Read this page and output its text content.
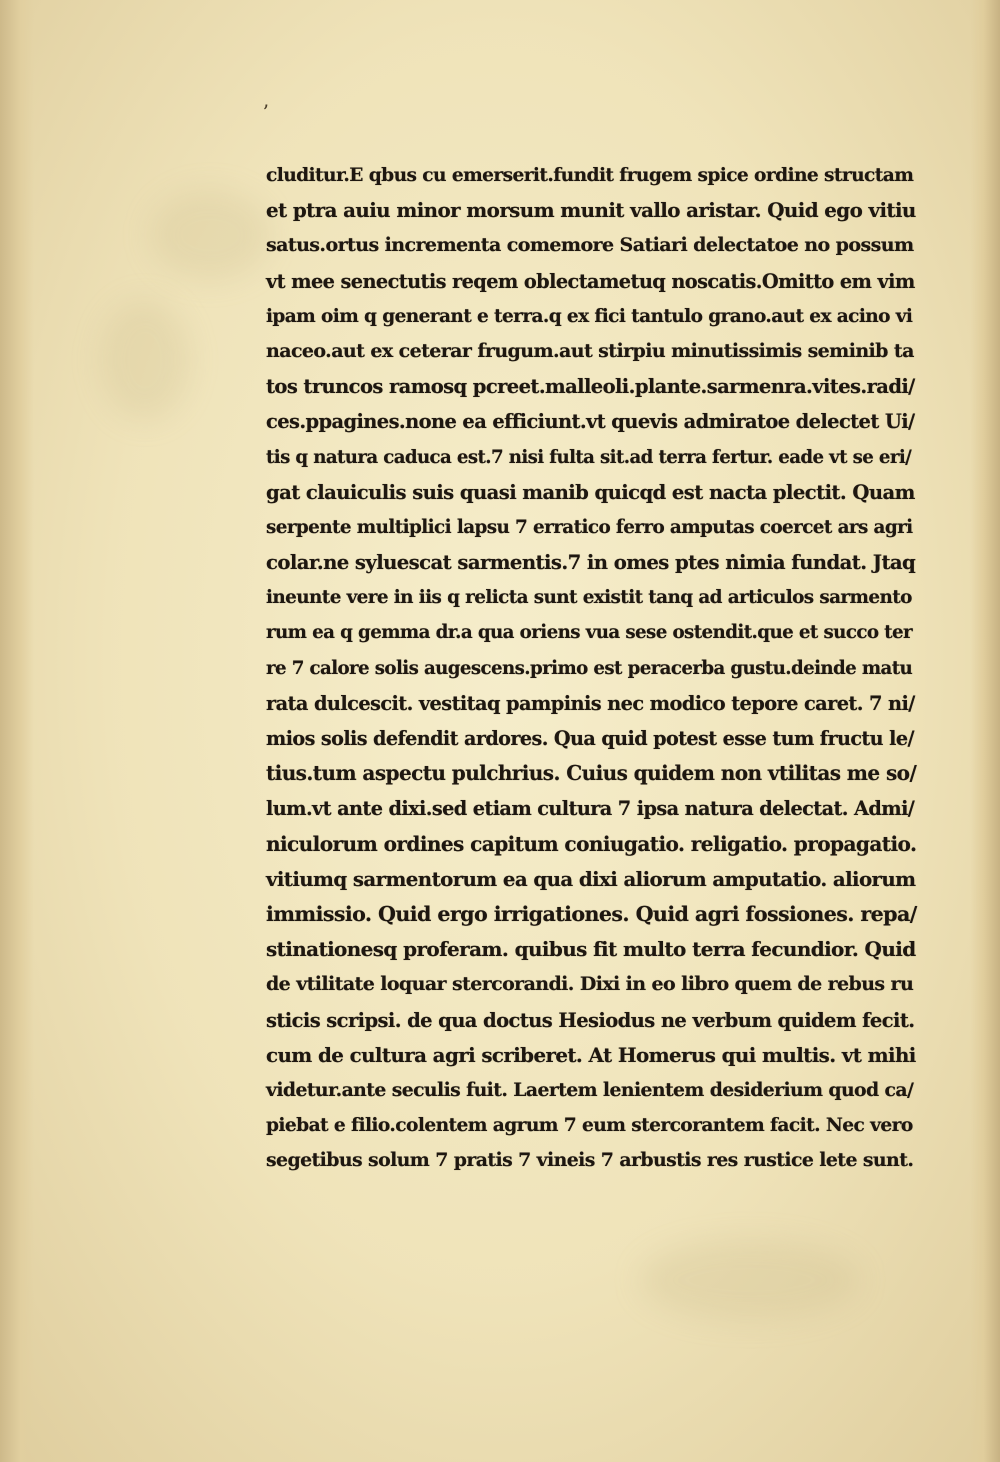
ʼ
cluditur.E qbus cu emerserit.fundit frugem spice ordine structam
et ptra auiu minor morsum munit vallo aristar. Quid ego vitiu
satus.ortus incrementa comemore Satiari delectatoe no possum
vt mee senectutis reqem oblectametuq noscatis.Omitto em vim
ipam oim q generant e terra.q ex fici tantulo grano.aut ex acino vi
naceo.aut ex ceterar frugum.aut stirpiu minutissimis seminib ta
tos truncos ramosq pcreet.malleoli.plante.sarmenra.vites.radi/
ces.ppagines.none ea efficiunt.vt quevis admiratoe delectet Ui/
tis q natura caduca est.7 nisi fulta sit.ad terra fertur. eade vt se eri/
gat clauiculis suis quasi manib quicqd est nacta plectit. Quam
serpente multiplici lapsu 7 erratico ferro amputas coercet ars agri
colar.ne syluescat sarmentis.7 in omes ptes nimia fundat. Jtaq
ineunte vere in iis q relicta sunt existit tanq ad articulos sarmento
rum ea q gemma dr.a qua oriens vua sese ostendit.que et succo ter
re 7 calore solis augescens.primo est peracerba gustu.deinde matu
rata dulcescit. vestitaq pampinis nec modico tepore caret. 7 ni/
mios solis defendit ardores. Qua quid potest esse tum fructu le/
tius.tum aspectu pulchrius. Cuius quidem non vtilitas me so/
lum.vt ante dixi.sed etiam cultura 7 ipsa natura delectat. Admi/
niculorum ordines capitum coniugatio. religatio. propagatio.
vitiumq sarmentorum ea qua dixi aliorum amputatio. aliorum
immissio. Quid ergo irrigationes. Quid agri fossiones. repa/
stinationesq proferam. quibus fit multo terra fecundior. Quid
de vtilitate loquar stercorandi. Dixi in eo libro quem de rebus ru
sticis scripsi. de qua doctus Hesiodus ne verbum quidem fecit.
cum de cultura agri scriberet. At Homerus qui multis. vt mihi
videtur.ante seculis fuit. Laertem lenientem desiderium quod ca/
piebat e filio.colentem agrum 7 eum stercorantem facit. Nec vero
segetibus solum 7 pratis 7 vineis 7 arbustis res rustice lete sunt.
